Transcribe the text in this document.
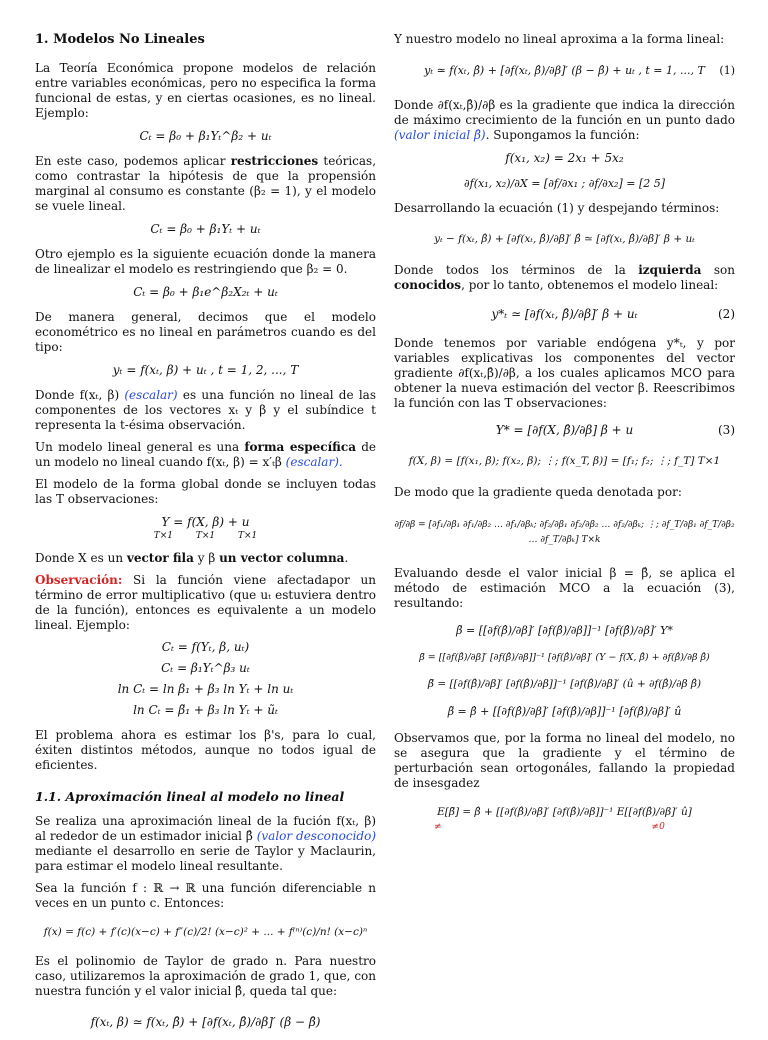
1. Modelos No Lineales

La Teoría Económica propone modelos de relación entre variables económicas, pero no especifica la forma funcional de estas, y en ciertas ocasiones, es no lineal. Ejemplo:

Cₜ = β₀ + β₁Yₜ^β₂ + uₜ

En este caso, podemos aplicar restricciones teóricas, como contrastar la hipótesis de que la propensión marginal al consumo es constante (β₂ = 1), y el modelo se vuele lineal.

Cₜ = β₀ + β₁Yₜ + uₜ

Otro ejemplo es la siguiente ecuación donde la manera de linealizar el modelo es restringiendo que β₂ = 0.

Cₜ = β₀ + β₁e^β₂X₂ₜ + uₜ

De manera general, decimos que el modelo econométrico es no lineal en parámetros cuando es del tipo:

yₜ = f(xₜ, β) + uₜ , t = 1, 2, ..., T

Donde f(xₜ, β) (escalar) es una función no lineal de las componentes de los vectores xₜ y β y el subíndice t representa la t-ésima observación.

Un modelo lineal general es una forma específica de un modelo no lineal cuando f(xₜ, β) = x′ₜβ (escalar).

El modelo de la forma global donde se incluyen todas las T observaciones:

Y = f(X, β) + u
T×1        T×1        T×1

Donde X es un vector fila y β un vector columna.

Observación: Si la función viene afectadapor un término de error multiplicativo (que uₜ estuviera dentro de la función), entonces es equivalente a un modelo lineal. Ejemplo:

Cₜ = f(Yₜ, β, uₜ)
Cₜ = β₁Yₜ^β₃ uₜ
ln Cₜ = ln β₁ + β₃ ln Yₜ + ln uₜ
ln Cₜ = β̃₁ + β₃ ln Yₜ + ũₜ

El problema ahora es estimar los β's, para lo cual, éxiten distintos métodos, aunque no todos igual de eficientes.

1.1. Aproximación lineal al modelo no lineal

Se realiza una aproximación lineal de la fución f(xₜ, β) al rededor de un estimador inicial β̂ (valor desconocido) mediante el desarrollo en serie de Taylor y Maclaurin, para estimar el modelo lineal resultante.

Sea la función f : ℝ → ℝ una función diferenciable n veces en un punto c. Entonces:

f(x) = f(c) + f′(c)(x−c) + f″(c)/2! (x−c)² + ... + f⁽ⁿ⁾(c)/n! (x−c)ⁿ

Es el polinomio de Taylor de grado n. Para nuestro caso, utilizaremos la aproximación de grado 1, que, con nuestra función y el valor inicial β̂, queda tal que:

f(xₜ, β) ≃ f(xₜ, β̂) + [∂f(xₜ, β̂)/∂β]′ (β − β̂)

Y nuestro modelo no lineal aproxima a la forma lineal:

yₜ ≃ f(xₜ, β̂) + [∂f(xₜ, β̂)/∂β]′ (β − β̂) + uₜ , t = 1, ..., T (1)

Donde ∂f(xₜ,β̂)/∂β es la gradiente que indica la dirección de máximo crecimiento de la función en un punto dado (valor inicial β̂). Supongamos la función:

f(x₁, x₂) = 2x₁ + 5x₂
∂f(x₁, x₂)/∂X = [∂f/∂x₁ ; ∂f/∂x₂] = [2 5]

Desarrollando la ecuación (1) y despejando términos:

yₜ − f(xₜ, β̂) + [∂f(xₜ, β̂)/∂β]′ β̂ ≃ [∂f(xₜ, β̂)/∂β]′ β + uₜ

Donde todos los términos de la izquierda son conocidos, por lo tanto, obtenemos el modelo lineal:

y*ₜ ≃ [∂f(xₜ, β̂)/∂β]′ β + uₜ	(2)

Donde tenemos por variable endógena y*ₜ, y por variables explicativas los componentes del vector gradiente ∂f(xₜ,β̂)/∂β, a los cuales aplicamos MCO para obtener la nueva estimación del vector β. Reescribimos la función con las T observaciones:

Y* = [∂f(X, β̂)/∂β] β + u	(3)
f(X, β) = [f(x₁, β); f(x₂, β); ⋮; f(x_T, β)] = [f₁; f₂; ⋮; f_T] T×1

De modo que la gradiente queda denotada por:

∂f/∂β = [∂f₁/∂β₁ ∂f₁/∂β₂ … ∂f₁/∂βₖ; ∂f₂/∂β₁ ∂f₂/∂β₂ … ∂f₂/∂βₖ; ⋮; ∂f_T/∂β₁ ∂f_T/∂β₂ … ∂f_T/∂βₖ] T×k

Evaluando desde el valor inicial β = β̂, se aplica el método de estimación MCO a la ecuación (3), resultando:

β̃ = [[∂f(β̂)/∂β]′ [∂f(β̂)/∂β]]⁻¹ [∂f(β̂)/∂β]′ Y*
β̃ = [[∂f(β̂)/∂β]′ [∂f(β̂)/∂β]]⁻¹ [∂f(β̂)/∂β]′ (Y − f(X, β̂) + ∂f(β̂)/∂β β̂)
β̃ = [[∂f(β̂)/∂β]′ [∂f(β̂)/∂β]]⁻¹ [∂f(β̂)/∂β]′ (û + ∂f(β̂)/∂β β̂)
β̃ = β̂ + [[∂f(β̂)/∂β]′ [∂f(β̂)/∂β]]⁻¹ [∂f(β̂)/∂β]′ û

Observamos que, por la forma no lineal del modelo, no se asegura que la gradiente y el término de perturbación sean ortogonáles, fallando la propiedad de insesgadez

E[β̃] = β̂ + [[∂f(β̂)/∂β]′ [∂f(β̂)/∂β]]⁻¹ E[[∂f(β̂)/∂β]′ û]
≠	≠0
